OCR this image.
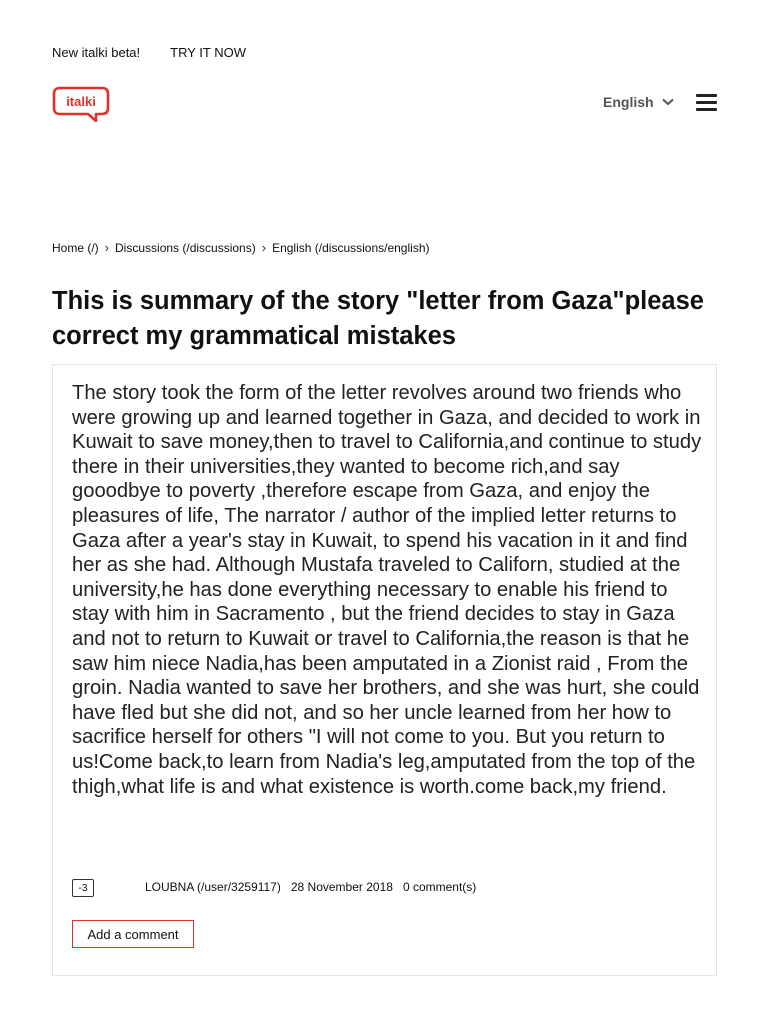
New italki beta! TRY IT NOW
italki	English
Home (/) › Discussions (/discussions) › English (/discussions/english)
This is summary of the story "letter from Gaza"please correct my grammatical mistakes

The story took the form of the letter revolves around two friends who were growing up and learned together in Gaza, and decided to work in Kuwait to save money,then to travel to California,and continue to study there in their universities,they wanted to become rich,and say gooodbye to poverty ,therefore escape from Gaza, and enjoy the pleasures of life, The narrator / author of the implied letter returns to Gaza after a year's stay in Kuwait, to spend his vacation in it and find her as she had. Although Mustafa traveled to Californ, studied at the university,he has done everything necessary to enable his friend to stay with him in Sacramento , but the friend decides to stay in Gaza and not to return to Kuwait or travel to California,the reason is that he saw him niece Nadia,has been amputated in a Zionist raid , From the groin. Nadia wanted to save her brothers, and she was hurt, she could have fled but she did not, and so her uncle learned from her how to sacrifice herself for others "I will not come to you. But you return to us!Come back,to learn from Nadia's leg,amputated from the top of the thigh,what life is and what existence is worth.come back,my friend.

-3	LOUBNA (/user/3259117) 28 November 2018 0 comment(s)
Add a comment
